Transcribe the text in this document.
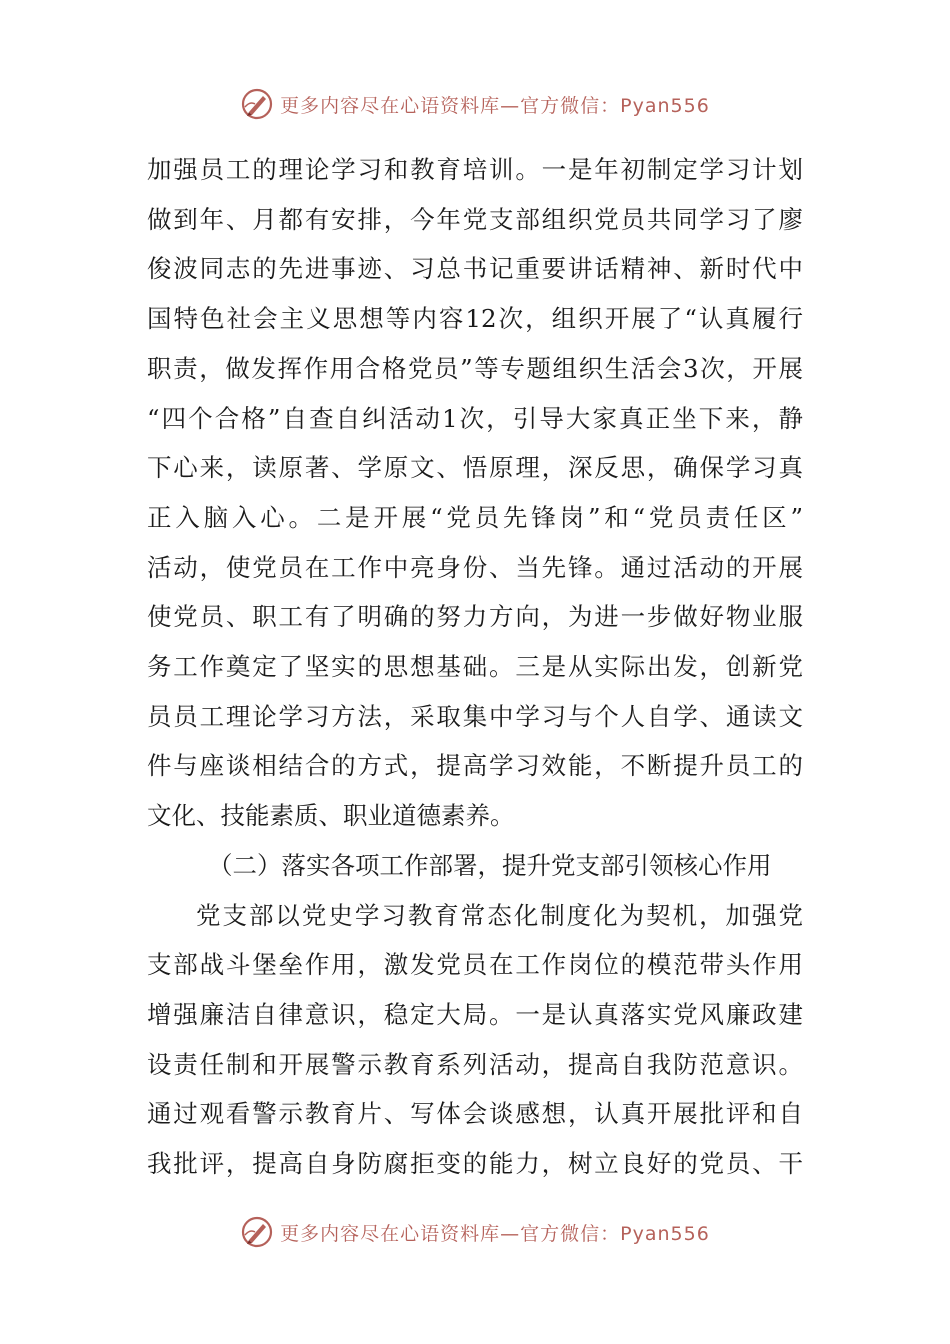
更多内容尽在心语资料库—官方微信：Pyan556
加强员工的理论学习和教育培训。一是年初制定学习计划
做到年、月都有安排，今年党支部组织党员共同学习了廖
俊波同志的先进事迹、习总书记重要讲话精神、新时代中
国特色社会主义思想等内容12次，组织开展了“认真履行
职责，做发挥作用合格党员”等专题组织生活会3次，开展
“四个合格”自查自纠活动1次，引导大家真正坐下来，静
下心来，读原著、学原文、悟原理，深反思，确保学习真
正入脑入心。二是开展“党员先锋岗”和“党员责任区”
活动，使党员在工作中亮身份、当先锋。通过活动的开展
使党员、职工有了明确的努力方向，为进一步做好物业服
务工作奠定了坚实的思想基础。三是从实际出发，创新党
员员工理论学习方法，采取集中学习与个人自学、通读文
件与座谈相结合的方式，提高学习效能，不断提升员工的
文化、技能素质、职业道德素养。
（二）落实各项工作部署，提升党支部引领核心作用
党支部以党史学习教育常态化制度化为契机，加强党
支部战斗堡垒作用，激发党员在工作岗位的模范带头作用
增强廉洁自律意识，稳定大局。一是认真落实党风廉政建
设责任制和开展警示教育系列活动，提高自我防范意识。
通过观看警示教育片、写体会谈感想，认真开展批评和自
我批评，提高自身防腐拒变的能力，树立良好的党员、干
更多内容尽在心语资料库—官方微信：Pyan556
